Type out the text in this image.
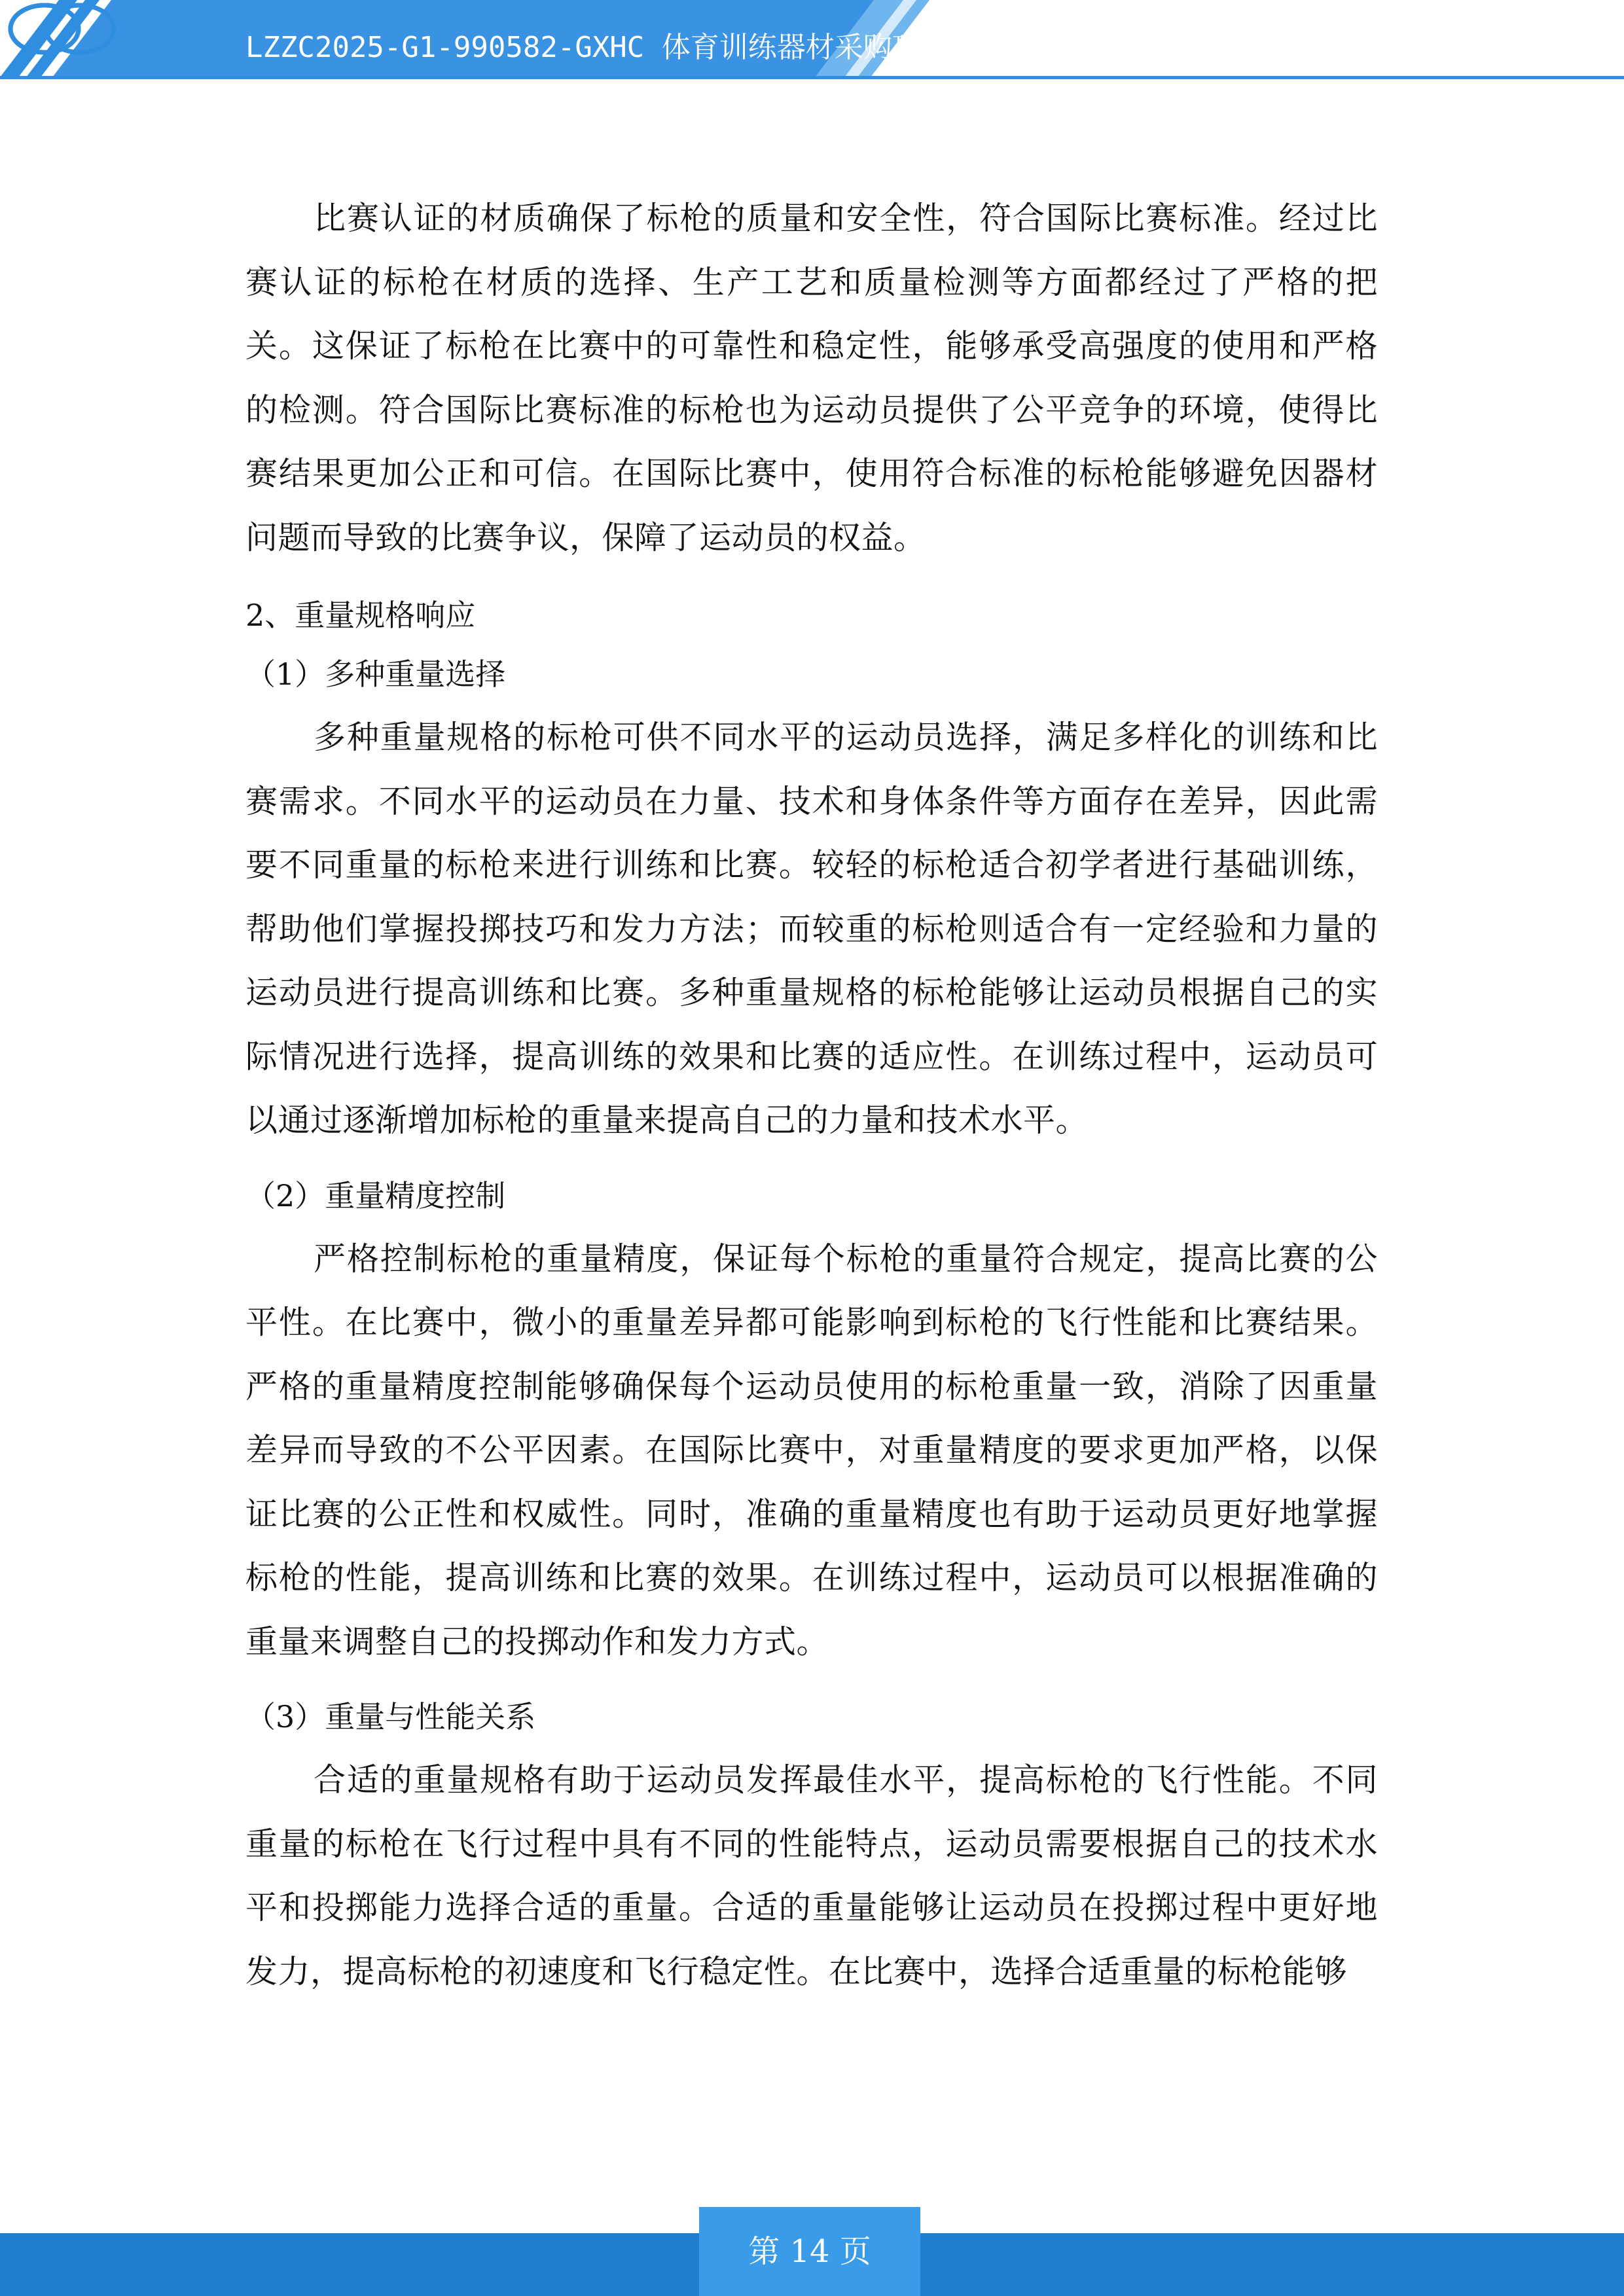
LZZC2025-G1-990582-GXHC 体育训练器材采购项目投标文件

比赛认证的材质确保了标枪的质量和安全性，符合国际比赛标准。经过比赛认证的标枪在材质的选择、生产工艺和质量检测等方面都经过了严格的把关。这保证了标枪在比赛中的可靠性和稳定性，能够承受高强度的使用和严格的检测。符合国际比赛标准的标枪也为运动员提供了公平竞争的环境，使得比赛结果更加公正和可信。在国际比赛中，使用符合标准的标枪能够避免因器材问题而导致的比赛争议，保障了运动员的权益。

2、重量规格响应

（1）多种重量选择

多种重量规格的标枪可供不同水平的运动员选择，满足多样化的训练和比赛需求。不同水平的运动员在力量、技术和身体条件等方面存在差异，因此需要不同重量的标枪来进行训练和比赛。较轻的标枪适合初学者进行基础训练，帮助他们掌握投掷技巧和发力方法；而较重的标枪则适合有一定经验和力量的运动员进行提高训练和比赛。多种重量规格的标枪能够让运动员根据自己的实际情况进行选择，提高训练的效果和比赛的适应性。在训练过程中，运动员可以通过逐渐增加标枪的重量来提高自己的力量和技术水平。

（2）重量精度控制

严格控制标枪的重量精度，保证每个标枪的重量符合规定，提高比赛的公平性。在比赛中，微小的重量差异都可能影响到标枪的飞行性能和比赛结果。严格的重量精度控制能够确保每个运动员使用的标枪重量一致，消除了因重量差异而导致的不公平因素。在国际比赛中，对重量精度的要求更加严格，以保证比赛的公正性和权威性。同时，准确的重量精度也有助于运动员更好地掌握标枪的性能，提高训练和比赛的效果。在训练过程中，运动员可以根据准确的重量来调整自己的投掷动作和发力方式。

（3）重量与性能关系

合适的重量规格有助于运动员发挥最佳水平，提高标枪的飞行性能。不同重量的标枪在飞行过程中具有不同的性能特点，运动员需要根据自己的技术水平和投掷能力选择合适的重量。合适的重量能够让运动员在投掷过程中更好地发力，提高标枪的初速度和飞行稳定性。在比赛中，选择合适重量的标枪能够

第 14 页
